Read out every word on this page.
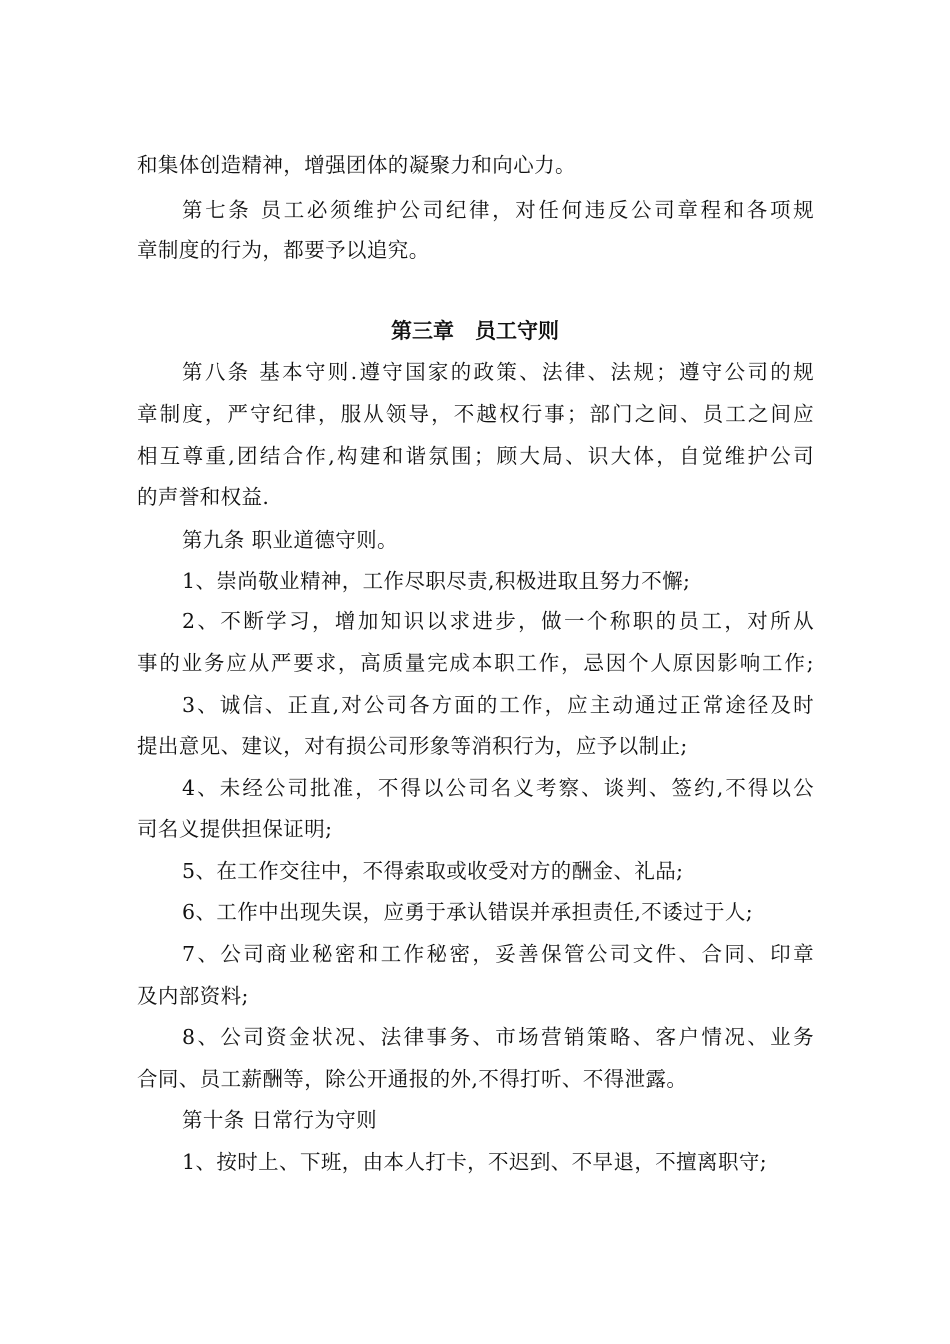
和集体创造精神，增强团体的凝聚力和向心力。
第七条 员工必须维护公司纪律，对任何违反公司章程和各项规
章制度的行为，都要予以追究。
第三章　员工守则
第八条 基本守则.遵守国家的政策、法律、法规；遵守公司的规
章制度，严守纪律，服从领导，不越权行事；部门之间、员工之间应
相互尊重,团结合作,构建和谐氛围；顾大局、识大体，自觉维护公司
的声誉和权益.
第九条 职业道德守则。
1、崇尚敬业精神，工作尽职尽责,积极进取且努力不懈;
2、不断学习，增加知识以求进步，做一个称职的员工，对所从
事的业务应从严要求，高质量完成本职工作，忌因个人原因影响工作;
3、诚信、正直,对公司各方面的工作，应主动通过正常途径及时
提出意见、建议，对有损公司形象等消积行为，应予以制止;
4、未经公司批准，不得以公司名义考察、谈判、签约,不得以公
司名义提供担保证明;
5、在工作交往中，不得索取或收受对方的酬金、礼品;
6、工作中出现失误，应勇于承认错误并承担责任,不诿过于人;
7、公司商业秘密和工作秘密，妥善保管公司文件、合同、印章
及内部资料;
8、公司资金状况、法律事务、市场营销策略、客户情况、业务
合同、员工薪酬等，除公开通报的外,不得打听、不得泄露。
第十条 日常行为守则
1、按时上、下班，由本人打卡，不迟到、不早退，不擅离职守;
